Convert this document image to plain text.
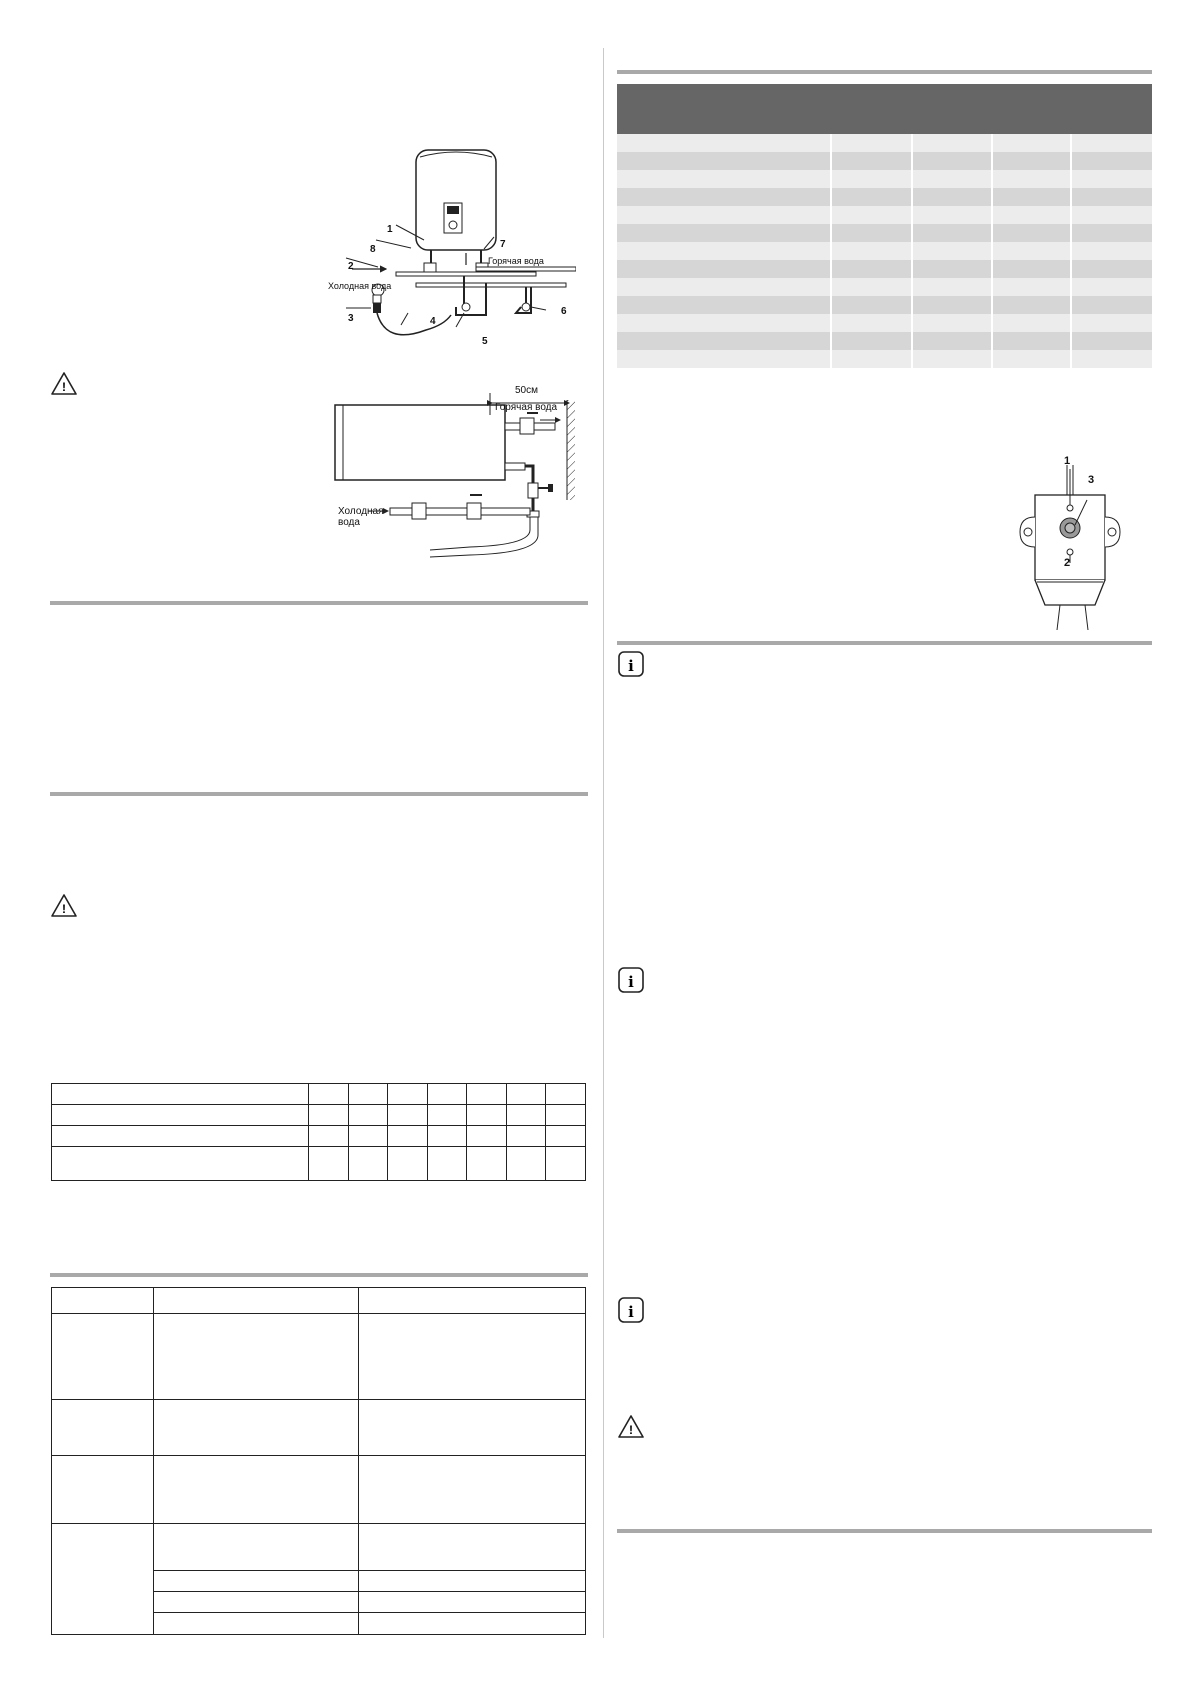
1
2
3	4
5
6
7
8
Холодная вода
Горячая вода
!	50см
Горячая вода
Холодная
вода
!

1
3
2
i
i
i
!
